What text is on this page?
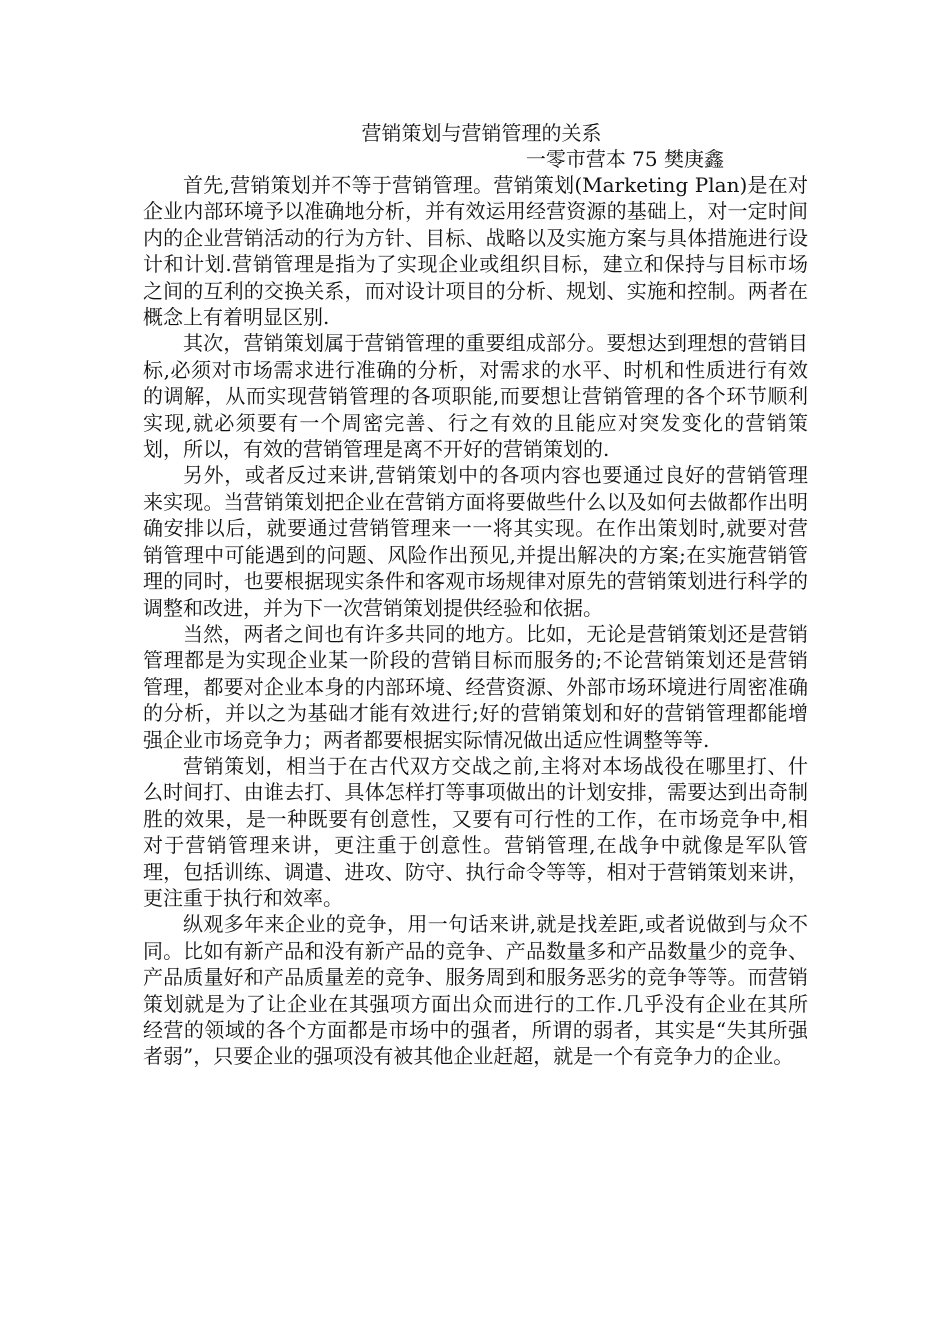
营销策划与营销管理的关系

一零市营本 75 樊庚鑫

首先,营销策划并不等于营销管理。营销策划(Marketing Plan)是在对企业内部环境予以准确地分析，并有效运用经营资源的基础上，对一定时间内的企业营销活动的行为方针、目标、战略以及实施方案与具体措施进行设计和计划.营销管理是指为了实现企业或组织目标，建立和保持与目标市场之间的互利的交换关系，而对设计项目的分析、规划、实施和控制。两者在概念上有着明显区别.

其次，营销策划属于营销管理的重要组成部分。要想达到理想的营销目标,必须对市场需求进行准确的分析，对需求的水平、时机和性质进行有效的调解，从而实现营销管理的各项职能,而要想让营销管理的各个环节顺利实现,就必须要有一个周密完善、行之有效的且能应对突发变化的营销策划，所以，有效的营销管理是离不开好的营销策划的.

另外，或者反过来讲,营销策划中的各项内容也要通过良好的营销管理来实现。当营销策划把企业在营销方面将要做些什么以及如何去做都作出明确安排以后，就要通过营销管理来一一将其实现。在作出策划时,就要对营销管理中可能遇到的问题、风险作出预见,并提出解决的方案;在实施营销管理的同时，也要根据现实条件和客观市场规律对原先的营销策划进行科学的调整和改进，并为下一次营销策划提供经验和依据。

当然，两者之间也有许多共同的地方。比如，无论是营销策划还是营销管理都是为实现企业某一阶段的营销目标而服务的;不论营销策划还是营销管理，都要对企业本身的内部环境、经营资源、外部市场环境进行周密准确的分析，并以之为基础才能有效进行;好的营销策划和好的营销管理都能增强企业市场竞争力；两者都要根据实际情况做出适应性调整等等.

营销策划，相当于在古代双方交战之前,主将对本场战役在哪里打、什么时间打、由谁去打、具体怎样打等事项做出的计划安排，需要达到出奇制胜的效果，是一种既要有创意性，又要有可行性的工作，在市场竞争中,相对于营销管理来讲，更注重于创意性。营销管理,在战争中就像是军队管理，包括训练、调遣、进攻、防守、执行命令等等，相对于营销策划来讲，更注重于执行和效率。

纵观多年来企业的竞争，用一句话来讲,就是找差距,或者说做到与众不同。比如有新产品和没有新产品的竞争、产品数量多和产品数量少的竞争、产品质量好和产品质量差的竞争、服务周到和服务恶劣的竞争等等。而营销策划就是为了让企业在其强项方面出众而进行的工作.几乎没有企业在其所经营的领域的各个方面都是市场中的强者，所谓的弱者，其实是“失其所强者弱”，只要企业的强项没有被其他企业赶超，就是一个有竞争力的企业。
